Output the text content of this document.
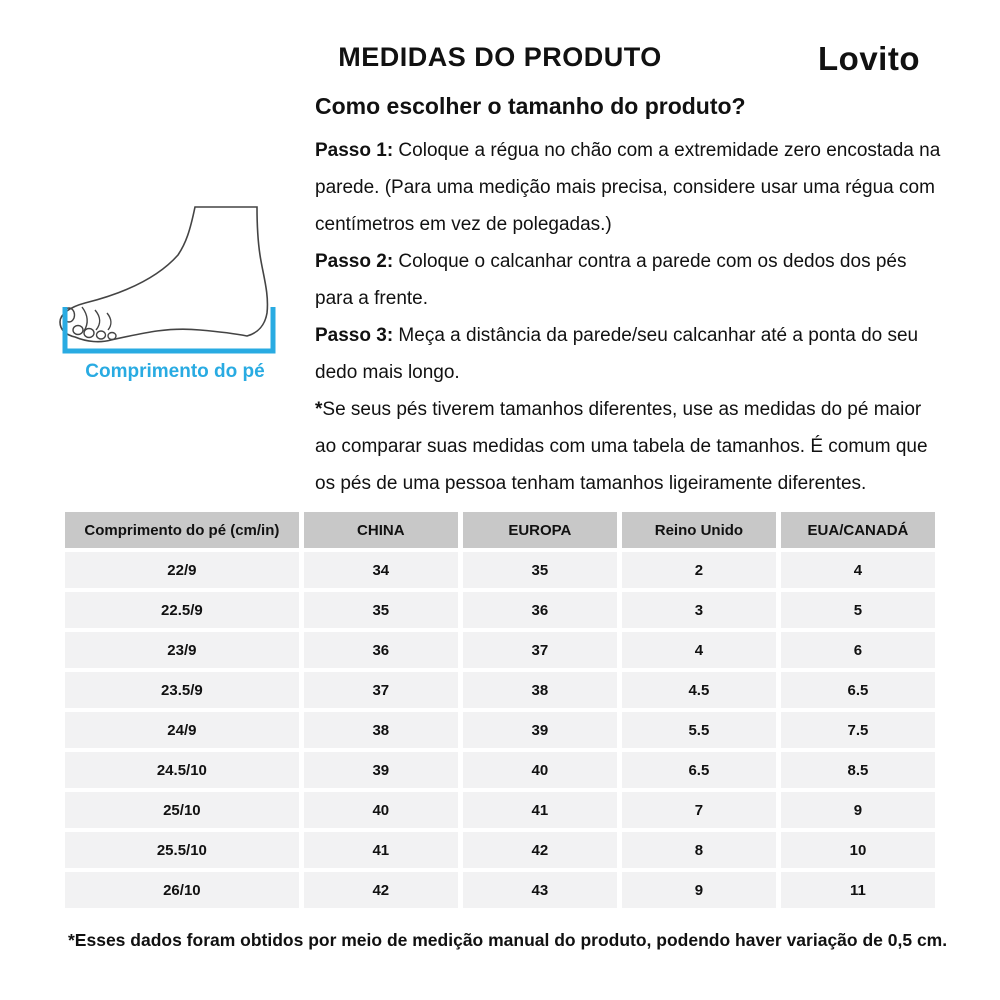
MEDIDAS DO PRODUTO	Lovito
Como escolher o tamanho do produto?

Passo 1: Coloque a régua no chão com a extremidade zero encostada na parede. (Para uma medição mais precisa, considere usar uma régua com centímetros em vez de polegadas.)

Passo 2: Coloque o calcanhar contra a parede com os dedos dos pés para a frente.

Passo 3: Meça a distância da parede/seu calcanhar até a ponta do seu dedo mais longo.

*Se seus pés tiverem tamanhos diferentes, use as medidas do pé maior ao comparar suas medidas com uma tabela de tamanhos. É comum que os pés de uma pessoa tenham tamanhos ligeiramente diferentes.

Comprimento do pé
Comprimento do pé (cm/in)	CHINA	EUROPA	Reino Unido	EUA/CANADÁ
22/9	34	35	2	4
22.5/9	35	36	3	5
23/9	36	37	4	6
23.5/9	37	38	4.5	6.5
24/9	38	39	5.5	7.5
24.5/10	39	40	6.5	8.5
25/10	40	41	7	9
25.5/10	41	42	8	10
26/10	42	43	9	11
*Esses dados foram obtidos por meio de medição manual do produto, podendo haver variação de 0,5 cm.
